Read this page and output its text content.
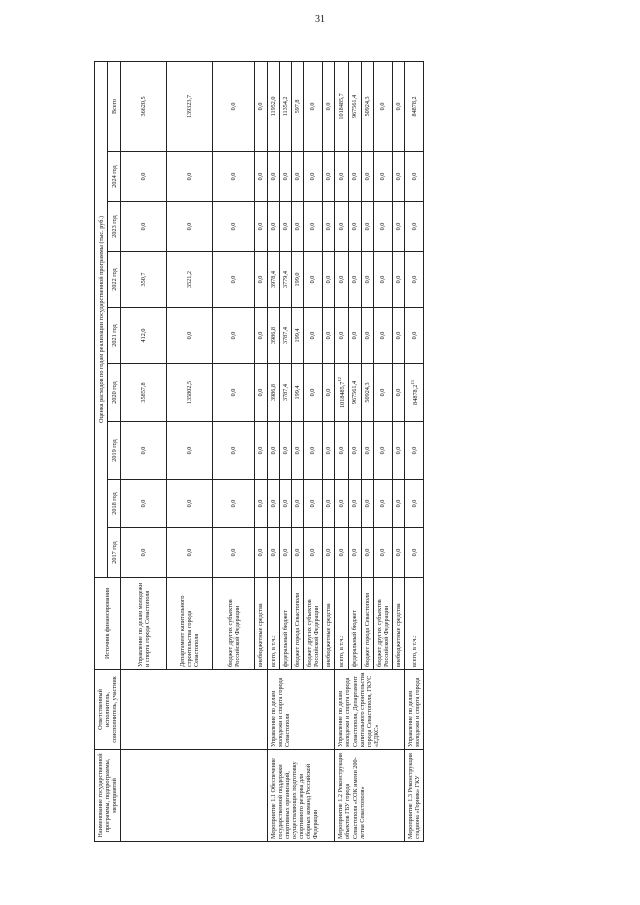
31
Наименование государственной программы, подпрограммы, мероприятий	Ответственный исполнитель, соисполнитель, участник	Источник финансирования	Оценка расходов по годам реализации государственной программы (тыс. руб.)								
			2017 год	2018 год	2019 год	2020 год	2021 год	2022 год	2023 год	2024 год	Всего
		Управление по делам молодежи и спорта города Севастополя	0,0	0,0	0,0	35857,8	412,0	350,7	0,0	0,0	36620,5
		Департамент капитального строительства города Севастополя	0,0	0,0	0,0	135802,5	0,0	3521,2	0,0	0,0	139323,7
		бюджет других субъектов Российской Федерации	0,0	0,0	0,0	0,0	0,0	0,0	0,0	0,0	0,0
		внебюджетные средства	0,0	0,0	0,0	0,0	0,0	0,0	0,0	0,0	0,0
Мероприятие 1.1 Обеспечение государственной поддержки спортивных организаций, осуществляющих подготовку спортивного резерва для сборных команд Российской Федерации	Управление по делам молодежи и спорта города Севастополя	всего, в т.ч.:	0,0	0,0	0,0	3986,8	3986,8	3978,4	0,0	0,0	11952,0
		федеральный бюджет	0,0	0,0	0,0	3787,4	3787,4	3779,4	0,0	0,0	11354,2
		бюджет города Севастополя	0,0	0,0	0,0	199,4	199,4	199,0	0,0	0,0	597,8
		бюджет других субъектов Российской Федерации	0,0	0,0	0,0	0,0	0,0	0,0	0,0	0,0	0,0
		внебюджетные средства	0,0	0,0	0,0	0,0	0,0	0,0	0,0	0,0	0,0
Мероприятие 1.2 Реконструкция объектов ГБУ города Севастополя «СОК имени 200-летия Севастополя»	Управление по делам молодежи и спорта города Севастополя, Департамент капитального строительства города Севастополя, ГКУС «ЕДКС»	всего, в т.ч.:	0,0	0,0	0,0	1018485,7$^{12}$	0,0	0,0	0,0	0,0	1018485,7
		федеральный бюджет	0,0	0,0	0,0	967561,4	0,0	0,0	0,0	0,0	967561,4
		бюджет города Севастополя	0,0	0,0	0,0	50924,3	0,0	0,0	0,0	0,0	50924,3
		бюджет других субъектов Российской Федерации	0,0	0,0	0,0	0,0	0,0	0,0	0,0	0,0	0,0
		внебюджетные средства	0,0	0,0	0,0	0,0	0,0	0,0	0,0	0,0	0,0
Мероприятие 1.3 Реконструкция стадиона «Горняк» ГКУ	Управление по делам молодежи и спорта города	всего, в т.ч.:	0,0	0,0	0,0	84878,2$^{13}$	0,0	0,0	0,0	0,0	84878,2
